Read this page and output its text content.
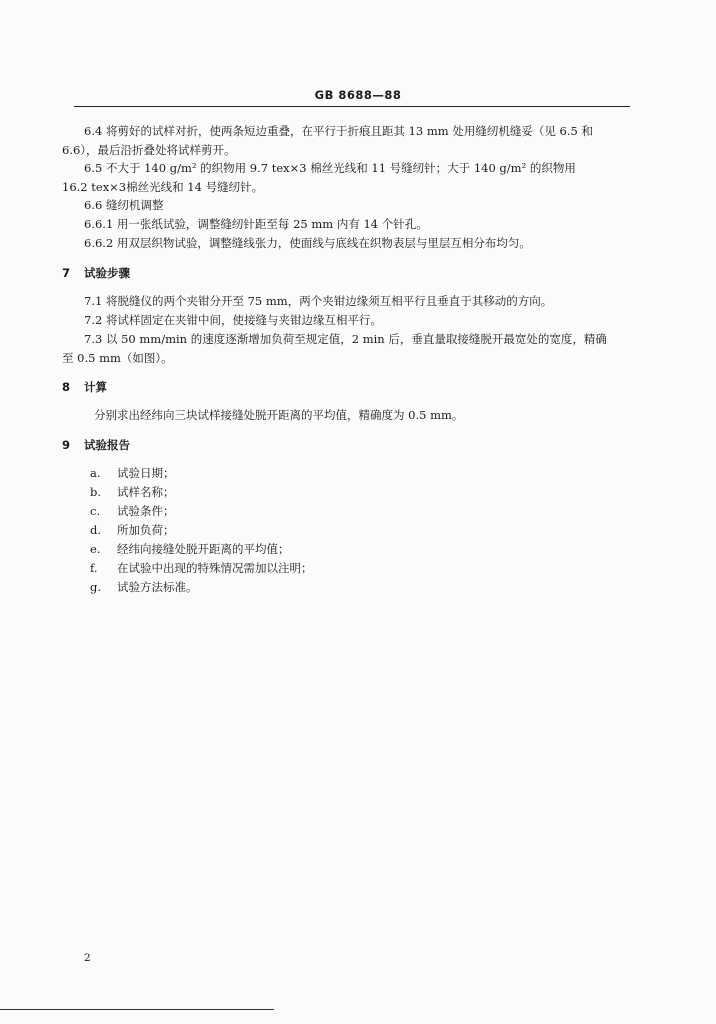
GB 8688—88
6.4 将剪好的试样对折，使两条短边重叠，在平行于折痕且距其 13 mm 处用缝纫机缝妥（见 6.5 和
6.6），最后沿折叠处将试样剪开。
6.5 不大于 140 g/m² 的织物用 9.7 tex×3 棉丝光线和 11 号缝纫针；大于 140 g/m² 的织物用
16.2 tex×3棉丝光线和 14 号缝纫针。
6.6 缝纫机调整
6.6.1 用一张纸试验，调整缝纫针距至每 25 mm 内有 14 个针孔。
6.6.2 用双层织物试验，调整缝线张力，使面线与底线在织物表层与里层互相分布均匀。
7 试验步骤
7.1 将脱缝仪的两个夹钳分开至 75 mm，两个夹钳边缘须互相平行且垂直于其移动的方向。
7.2 将试样固定在夹钳中间，使接缝与夹钳边缘互相平行。
7.3 以 50 mm/min 的速度逐渐增加负荷至规定值，2 min 后，垂直量取接缝脱开最宽处的宽度，精确
至 0.5 mm（如图）。
8 计算
分别求出经纬向三块试样接缝处脱开距离的平均值，精确度为 0.5 mm。
9 试验报告
a. 试验日期；
b. 试样名称；
c. 试验条件；
d. 所加负荷；
e. 经纬向接缝处脱开距离的平均值；
f. 在试验中出现的特殊情况需加以注明；
g. 试验方法标准。
2
